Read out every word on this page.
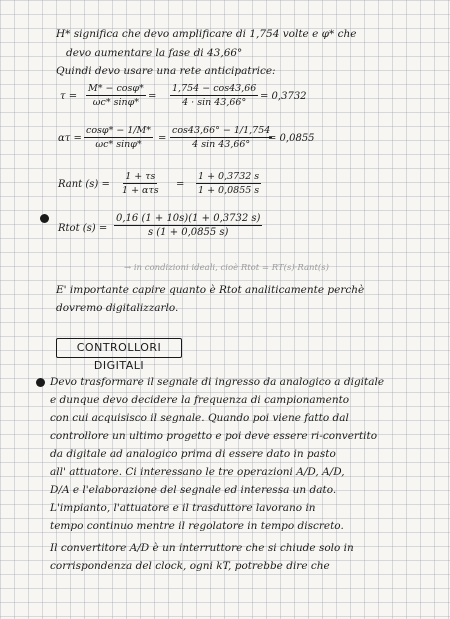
H* significa che devo amplificare di 1,754 volte e φ* che
devo aumentare la fase di 43,66°
Quindi devo usare una rete anticipatrice:
$\tau = \frac{M* - \cos\varphi*}{\omega c* \sin\varphi*} = \frac{1,754 - \cos 43,66}{4 \cdot \sin 43,66^\circ} = 0,3732$
$\alpha\tau = \frac{\cos\varphi* - 1/M*}{\omega c* \sin\varphi*} = \frac{\cos 43,66^\circ - 1/1,754}{4 \sin 43,66^\circ}$
= 0,0855
Rant (s) =
1 + τs
1 + ατs
= $\frac{1 + 0,3732 s}{1 + 0,0855 s}$
Rtot $(s) = \frac{0,16 (1 + 10s)(1 + 0,3732 s)}{s (1 + 0,0855 s)}$
→ in condizioni ideali, cioè Rtot = RT(s)·Rant(s)
E' importante capire quanto è Rtot analiticamente perchè
dovremo digitalizzarlo.
CONTROLLORI DIGITALI
Devo trasformare il segnale di ingresso da analogico a digitale
e dunque devo decidere la frequenza di campionamento
con cui acquisisco il segnale. Quando poi viene fatto dal
controllore un ultimo progetto e poi deve essere ri-convertito
da digitale ad analogico prima di essere dato in pasto
all' attuatore. Ci interessano le tre operazioni A/D, A/D,
D/A e l'elaborazione del segnale ed interessa un dato.
L'impianto, l'attuatore e il trasduttore lavorano in
tempo continuo mentre il regolatore in tempo discreto.
Il convertitore A/D è un interruttore che si chiude solo in
corrispondenza del clock, ogni kT, potrebbe dire che
